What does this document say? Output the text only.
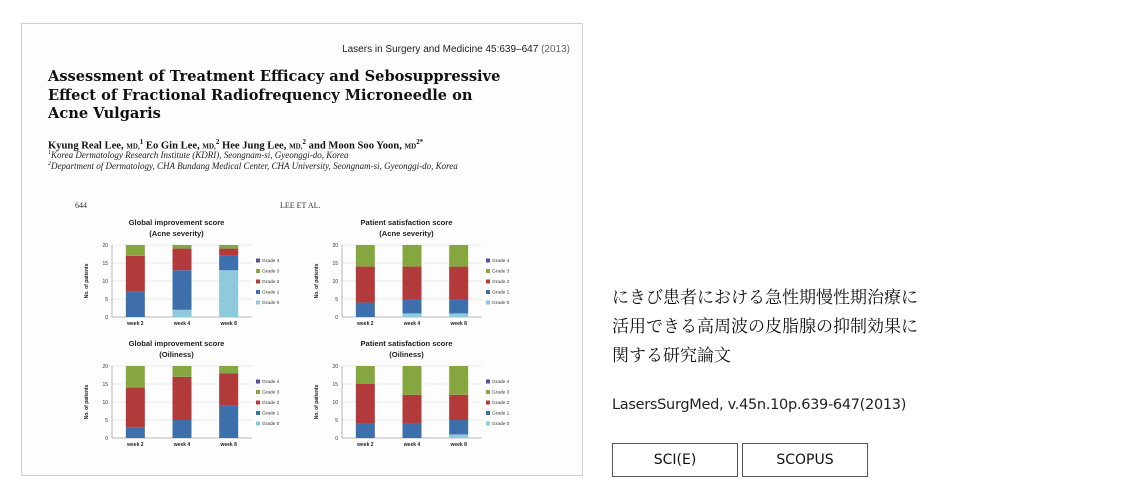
Lasers in Surgery and Medicine 45:639–647 (2013)
Assessment of Treatment Efficacy and Sebosuppressive
Effect of Fractional Radiofrequency Microneedle on
Acne Vulgaris
Kyung Real Lee, MD,$^1$ Eo Gin Lee, MD,$^2$ Hee Jung Lee, MD,$^2$ and Moon Soo Yoon, $MD^{2*}$
$^1$Korea Dermatology Research Institute (KDRI), Seongnam-si, Gyeonggi-do, Korea
$^2$Department of Dermatology, CHA Bundang Medical Center, CHA University, Seongnam-si, Gyeonggi-do, Korea
644	LEE ET AL.
Global improvement score
(Acne severity)
0
5
10
15
20
No. of patients
week 2	week 4	week 8
Grade 4
Grade 3
Grade 2
Grade 1
Grade 0
Patient satisfaction score
(Acne severity)
0
5
10
15
20
No. of patients
week 2	week 4	week 8
Grade 4
Grade 3
Grade 2
Grade 1
Grade 0
Global improvement score
(Oiliness)
0
5
10
15
20
No. of patients
week 2	week 4	week 8
Grade 4
Grade 3
Grade 2
Grade 1
Grade 0
Patient satisfaction score
(Oiliness)
0
5
10
15
20
No. of patients
week 2	week 4	week 8
Grade 4
Grade 3
Grade 2
Grade 1
Grade 0

にきび患者における急性期慢性期治療に
活用できる高周波の皮脂腺の抑制効果に
関する研究論文

LasersSurgMed, v.45n.10p.639-647(2013)
SCI(E)	SCOPUS
